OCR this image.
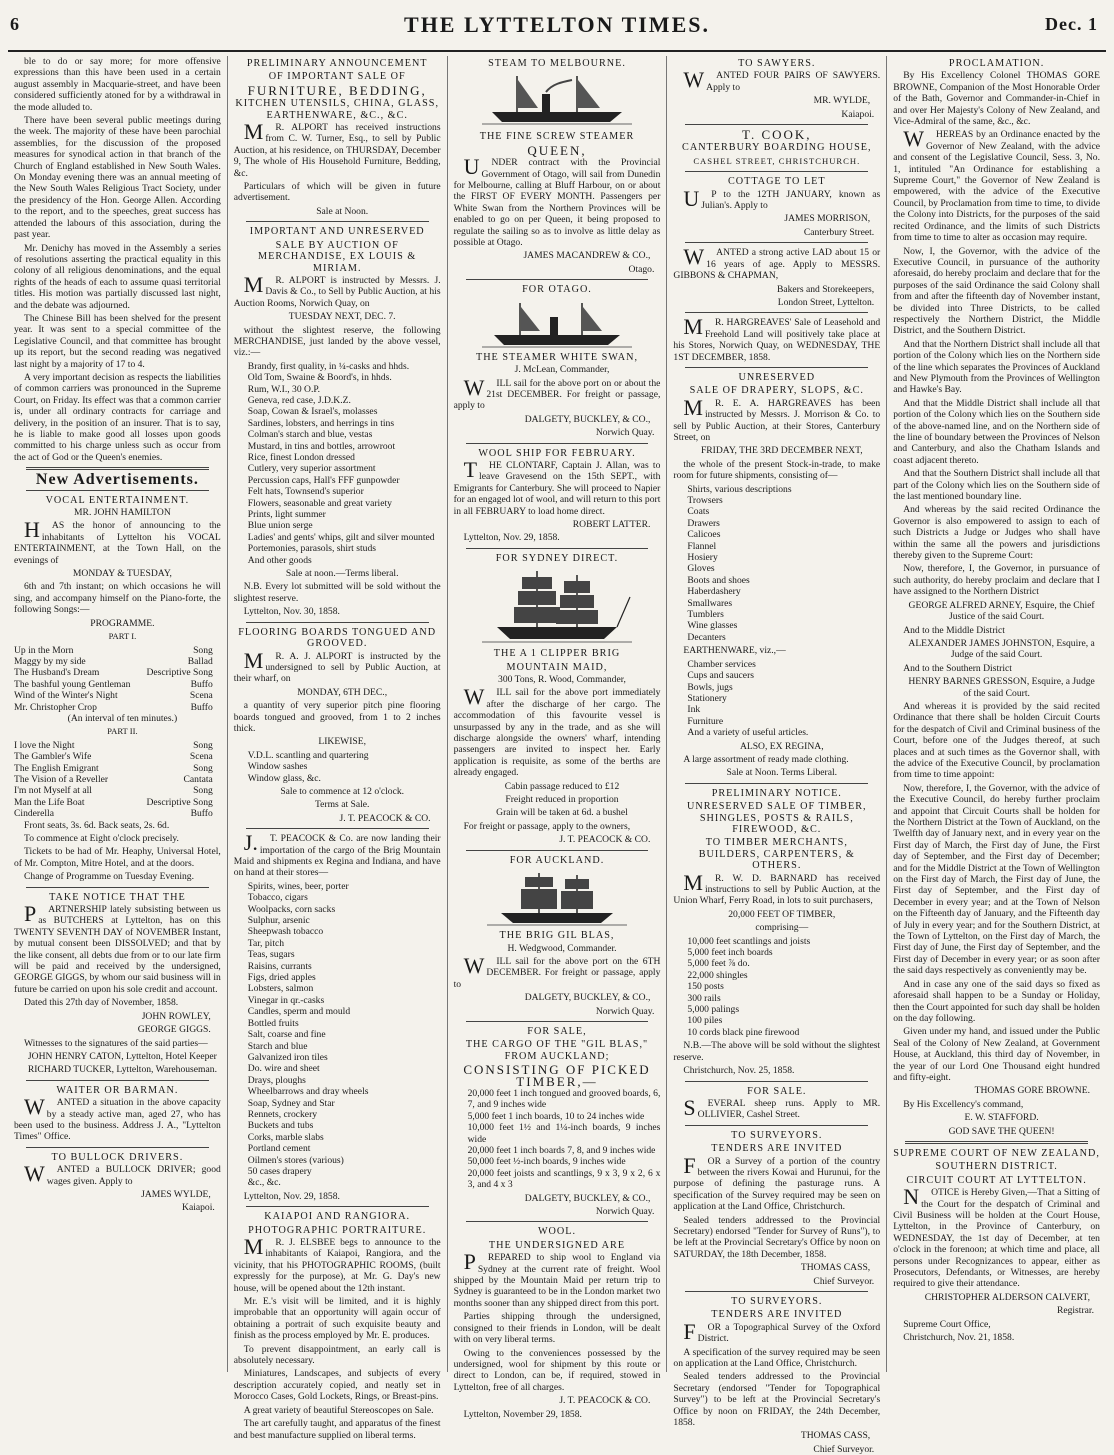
6	THE LYTTELTON TIMES.	Dec. 1

ble to do or say more; for more offensive expressions than this have been used in a certain august assembly in Macquarie-street, and have been considered sufficiently atoned for by a withdrawal in the mode alluded to.

There have been several public meetings during the week. The majority of these have been parochial assemblies, for the discussion of the proposed measures for synodical action in that branch of the Church of England established in New South Wales. On Monday evening there was an annual meeting of the New South Wales Religious Tract Society, under the presidency of the Hon. George Allen. According to the report, and to the speeches, great success has attended the labours of this association, during the past year.

Mr. Denichy has moved in the Assembly a series of resolutions asserting the practical equality in this colony of all religious denominations, and the equal rights of the heads of each to assume quasi territorial titles. His motion was partially discussed last night, and the debate was adjourned.

The Chinese Bill has been shelved for the present year. It was sent to a special committee of the Legislative Council, and that committee has brought up its report, but the second reading was negatived last night by a majority of 17 to 4.

A very important decision as respects the liabilities of common carriers was pronounced in the Supreme Court, on Friday. Its effect was that a common carrier is, under all ordinary contracts for carriage and delivery, in the position of an insurer. That is to say, he is liable to make good all losses upon goods committed to his charge unless such as occur from the act of God or the Queen's enemies.

New Advertisements.
VOCAL ENTERTAINMENT.

MR. JOHN HAMILTON

HAS the honor of announcing to the inhabitants of Lyttelton his VOCAL ENTERTAINMENT, at the Town Hall, on the evenings of

MONDAY & TUESDAY,

6th and 7th instant; on which occasions he will sing, and accompany himself on the Piano-forte, the following Songs:—

PROGRAMME.

PART I.

Up in the Morn	Song
Maggy by my side	Ballad
The Husband's Dream	Descriptive Song
The bashful young Gentleman	Buffo
Wind of the Winter's Night	Scena
Mr. Christopher Crop	Buffo

(An interval of ten minutes.)

PART II.

I love the Night	Song
The Gambler's Wife	Scena
The English Emigrant	Song
The Vision of a Reveller	Cantata
I'm not Myself at all	Song
Man the Life Boat	Descriptive Song
Cinderella	Buffo

Front seats, 3s. 6d. Back seats, 2s. 6d.

To commence at Eight o'clock precisely.

Tickets to be had of Mr. Heaphy, Universal Hotel, of Mr. Compton, Mitre Hotel, and at the doors.

Change of Programme on Tuesday Evening.

TAKE NOTICE THAT THE

PARTNERSHIP lately subsisting between us as BUTCHERS at Lyttelton, has on this TWENTY SEVENTH DAY of NOVEMBER Instant, by mutual consent been DISSOLVED; and that by the like consent, all debts due from or to our late firm will be paid and received by the undersigned, GEORGE GIGGS, by whom our said business will in future be carried on upon his sole credit and account.

Dated this 27th day of November, 1858.

JOHN ROWLEY,

GEORGE GIGGS.

Witnesses to the signatures of the said parties—

JOHN HENRY CATON, Lyttelton, Hotel Keeper

RICHARD TUCKER, Lyttelton, Warehouseman.

WAITER OR BARMAN.

WANTED a situation in the above capacity by a steady active man, aged 27, who has been used to the business. Address J. A., "Lyttelton Times" Office.

TO BULLOCK DRIVERS.

WANTED a BULLOCK DRIVER; good wages given. Apply to

JAMES WYLDE,

Kaiapoi.

PRELIMINARY ANNOUNCEMENT
OF IMPORTANT SALE OF
FURNITURE, BEDDING,
KITCHEN UTENSILS, CHINA, GLASS, EARTHENWARE, &C., &C.

MR. ALPORT has received instructions from C. W. Turner, Esq., to sell by Public Auction, at his residence, on THURSDAY, December 9, The whole of His Household Furniture, Bedding, &c.

Particulars of which will be given in future advertisement.

Sale at Noon.

IMPORTANT AND UNRESERVED
SALE BY AUCTION OF MERCHANDISE, EX LOUIS & MIRIAM.

MR. ALPORT is instructed by Messrs. J. Davis & Co., to Sell by Public Auction, at his Auction Rooms, Norwich Quay, on

TUESDAY NEXT, DEC. 7.

without the slightest reserve, the following MERCHANDISE, just landed by the above vessel, viz.:—

Brandy, first quality, in ¼-casks and hhds.
Old Tom, Swaine & Boord's, in hhds.
Rum, W.I., 30 O.P.
Geneva, red case, J.D.K.Z.
Soap, Cowan & Israel's, molasses
Sardines, lobsters, and herrings in tins
Colman's starch and blue, vestas
Mustard, in tins and bottles, arrowroot
Rice, finest London dressed
Cutlery, very superior assortment
Percussion caps, Hall's FFF gunpowder
Felt hats, Townsend's superior
Flowers, seasonable and great variety
Prints, light summer
Blue union serge
Ladies' and gents' whips, gilt and silver mounted
Portemonies, parasols, shirt studs
And other goods

Sale at noon.—Terms liberal.

N.B. Every lot submitted will be sold without the slightest reserve.

Lyttelton, Nov. 30, 1858.

FLOORING BOARDS TONGUED AND GROOVED.

MR. A. J. ALPORT is instructed by the undersigned to sell by Public Auction, at their wharf, on

MONDAY, 6TH DEC.,

a quantity of very superior pitch pine flooring boards tongued and grooved, from 1 to 2 inches thick.

LIKEWISE,

V.D.L. scantling and quartering
Window sashes
Window glass, &c.

Sale to commence at 12 o'clock.

Terms at Sale.

J. T. PEACOCK & CO.

J.T. PEACOCK & Co. are now landing their importation of the cargo of the Brig Mountain Maid and shipments ex Regina and Indiana, and have on hand at their stores—

Spirits, wines, beer, porter
Tobacco, cigars
Woolpacks, corn sacks
Sulphur, arsenic
Sheepwash tobacco
Tar, pitch
Teas, sugars
Raisins, currants
Figs, dried apples
Lobsters, salmon
Vinegar in qr.-casks
Candles, sperm and mould
Bottled fruits
Salt, coarse and fine
Starch and blue
Galvanized iron tiles
Do. wire and sheet
Drays, ploughs
Wheelbarrows and dray wheels
Soap, Sydney and Star
Rennets, crockery
Buckets and tubs
Corks, marble slabs
Portland cement
Oilmen's stores (various)
50 cases drapery
&c., &c.

Lyttelton, Nov. 29, 1858.

KAIAPOI AND RANGIORA.
PHOTOGRAPHIC PORTRAITURE.

MR. J. ELSBEE begs to announce to the inhabitants of Kaiapoi, Rangiora, and the vicinity, that his PHOTOGRAPHIC ROOMS, (built expressly for the purpose), at Mr. G. Day's new house, will be opened about the 12th instant.

Mr. E.'s visit will be limited, and it is highly improbable that an opportunity will again occur of obtaining a portrait of such exquisite beauty and finish as the process employed by Mr. E. produces.

To prevent disappointment, an early call is absolutely necessary.

Miniatures, Landscapes, and subjects of every description accurately copied, and neatly set in Morocco Cases, Gold Lockets, Rings, or Breast-pins.

A great variety of beautiful Stereoscopes on Sale.

The art carefully taught, and apparatus of the finest and best manufacture supplied on liberal terms.

STEAM TO MELBOURNE.
THE FINE SCREW STEAMER
QUEEN,

UNDER contract with the Provincial Government of Otago, will sail from Dunedin for Melbourne, calling at Bluff Harbour, on or about the FIRST OF EVERY MONTH. Passengers per White Swan from the Northern Provinces will be enabled to go on per Queen, it being proposed to regulate the sailing so as to involve as little delay as possible at Otago.

JAMES MACANDREW & CO.,

Otago.

FOR OTAGO.
THE STEAMER WHITE SWAN,

J. McLean, Commander,

WILL sail for the above port on or about the 21st DECEMBER. For freight or passage, apply to

DALGETY, BUCKLEY, & CO.,

Norwich Quay.

WOOL SHIP FOR FEBRUARY.

THE CLONTARF, Captain J. Allan, was to leave Gravesend on the 15th SEPT., with Emigrants for Canterbury. She will proceed to Napier for an engaged lot of wool, and will return to this port in all FEBRUARY to load home direct.

ROBERT LATTER.

Lyttelton, Nov. 29, 1858.

FOR SYDNEY DIRECT.
THE A 1 CLIPPER BRIG
MOUNTAIN MAID,

300 Tons, R. Wood, Commander,

WILL sail for the above port immediately after the discharge of her cargo. The accommodation of this favourite vessel is unsurpassed by any in the trade, and as she will discharge alongside the owners' wharf, intending passengers are invited to inspect her. Early application is requisite, as some of the berths are already engaged.

Cabin passage reduced to £12

Freight reduced in proportion

Grain will be taken at 6d. a bushel

For freight or passage, apply to the owners,

J. T. PEACOCK & CO.

FOR AUCKLAND.
THE BRIG GIL BLAS,

H. Wedgwood, Commander.

WILL sail for the above port on the 6TH DECEMBER. For freight or passage, apply to

DALGETY, BUCKLEY, & CO.,

Norwich Quay.

FOR SALE,
THE CARGO OF THE "GIL BLAS," FROM AUCKLAND;
CONSISTING OF PICKED TIMBER,—
20,000 feet 1 inch tongued and grooved boards, 6, 7, and 9 inches wide
5,000 feet 1 inch boards, 10 to 24 inches wide
10,000 feet 1½ and 1¼-inch boards, 9 inches wide
20,000 feet 1 inch boards 7, 8, and 9 inches wide
50,000 feet ½-inch boards, 9 inches wide
20,000 feet joists and scantlings, 9 x 3, 9 x 2, 6 x 3, and 4 x 3

DALGETY, BUCKLEY, & CO.,

Norwich Quay.

WOOL.
THE UNDERSIGNED ARE

PREPARED to ship wool to England via Sydney at the current rate of freight. Wool shipped by the Mountain Maid per return trip to Sydney is guaranteed to be in the London market two months sooner than any shipped direct from this port.

Parties shipping through the undersigned, consigned to their friends in London, will be dealt with on very liberal terms.

Owing to the conveniences possessed by the undersigned, wool for shipment by this route or direct to London, can be, if required, stowed in Lyttelton, free of all charges.

J. T. PEACOCK & CO.

Lyttelton, November 29, 1858.

TO SAWYERS.

WANTED FOUR PAIRS OF SAWYERS. Apply to

MR. WYLDE,

Kaiapoi.

T. COOK,
CANTERBURY BOARDING HOUSE,
CASHEL STREET, CHRISTCHURCH.
COTTAGE TO LET

UP to the 12TH JANUARY, known as Julian's. Apply to

JAMES MORRISON,

Canterbury Street.

WANTED a strong active LAD about 15 or 16 years of age. Apply to MESSRS. GIBBONS & CHAPMAN,

Bakers and Storekeepers,

London Street, Lyttelton.

MR. HARGREAVES' Sale of Leasehold and Freehold Land will positively take place at his Stores, Norwich Quay, on WEDNESDAY, THE 1ST DECEMBER, 1858.

UNRESERVED
SALE OF DRAPERY, SLOPS, &C.

MR. E. A. HARGREAVES has been instructed by Messrs. J. Morrison & Co. to sell by Public Auction, at their Stores, Canterbury Street, on

FRIDAY, THE 3RD DECEMBER NEXT,

the whole of the present Stock-in-trade, to make room for future shipments, consisting of—

Shirts, various descriptions
Trowsers
Coats
Drawers
Calicoes
Flannel
Hosiery
Gloves
Boots and shoes
Haberdashery
Smallwares
Tumblers
Wine glasses
Decanters

EARTHENWARE, viz.,—

Chamber services
Cups and saucers
Bowls, jugs
Stationery
Ink
Furniture
And a variety of useful articles.

ALSO, EX REGINA,

A large assortment of ready made clothing.

Sale at Noon. Terms Liberal.

PRELIMINARY NOTICE.
UNRESERVED SALE OF TIMBER, SHINGLES, POSTS & RAILS, FIREWOOD, &C.
TO TIMBER MERCHANTS, BUILDERS, CARPENTERS, & OTHERS.

MR. W. D. BARNARD has received instructions to sell by Public Auction, at the Union Wharf, Ferry Road, in lots to suit purchasers,

20,000 FEET OF TIMBER,

comprising—

10,000 feet scantlings and joists
5,000 feet inch boards
5,000 feet ⅞ do.
22,000 shingles
150 posts
300 rails
5,000 palings
100 piles
10 cords black pine firewood

N.B.—The above will be sold without the slightest reserve.

Christchurch, Nov. 25, 1858.

FOR SALE.

SEVERAL sheep runs. Apply to MR. OLLIVIER, Cashel Street.

TO SURVEYORS.
TENDERS ARE INVITED

FOR a Survey of a portion of the country between the rivers Kowai and Hurunui, for the purpose of defining the pasturage runs. A specification of the Survey required may be seen on application at the Land Office, Christchurch.

Sealed tenders addressed to the Provincial Secretary) endorsed "Tender for Survey of Runs"), to be left at the Provincial Secretary's Office by noon on SATURDAY, the 18th December, 1858.

THOMAS CASS,

Chief Surveyor.

TO SURVEYORS.
TENDERS ARE INVITED

FOR a Topographical Survey of the Oxford District.

A specification of the survey required may be seen on application at the Land Office, Christchurch.

Sealed tenders addressed to the Provincial Secretary (endorsed "Tender for Topographical Survey") to be left at the Provincial Secretary's Office by noon on FRIDAY, the 24th December, 1858.

THOMAS CASS,

Chief Surveyor.

PROCLAMATION.

By His Excellency Colonel THOMAS GORE BROWNE, Companion of the Most Honorable Order of the Bath, Governor and Commander-in-Chief in and over Her Majesty's Colony of New Zealand, and Vice-Admiral of the same, &c., &c.

WHEREAS by an Ordinance enacted by the Governor of New Zealand, with the advice and consent of the Legislative Council, Sess. 3, No. 1, intituled "An Ordinance for establishing a Supreme Court," the Governor of New Zealand is empowered, with the advice of the Executive Council, by Proclamation from time to time, to divide the Colony into Districts, for the purposes of the said recited Ordinance, and the limits of such Districts from time to time to alter as occasion may require.

Now, I, the Governor, with the advice of the Executive Council, in pursuance of the authority aforesaid, do hereby proclaim and declare that for the purposes of the said Ordinance the said Colony shall from and after the fifteenth day of November instant, be divided into Three Districts, to be called respectively the Northern District, the Middle District, and the Southern District.

And that the Northern District shall include all that portion of the Colony which lies on the Northern side of the line which separates the Provinces of Auckland and New Plymouth from the Provinces of Wellington and Hawke's Bay.

And that the Middle District shall include all that portion of the Colony which lies on the Southern side of the above-named line, and on the Northern side of the line of boundary between the Provinces of Nelson and Canterbury, and also the Chatham Islands and coast adjacent thereto.

And that the Southern District shall include all that part of the Colony which lies on the Southern side of the last mentioned boundary line.

And whereas by the said recited Ordinance the Governor is also empowered to assign to each of such Districts a Judge or Judges who shall have within the same all the powers and jurisdictions thereby given to the Supreme Court:

Now, therefore, I, the Governor, in pursuance of such authority, do hereby proclaim and declare that I have assigned to the Northern District

GEORGE ALFRED ARNEY, Esquire, the Chief Justice of the said Court.

And to the Middle District

ALEXANDER JAMES JOHNSTON, Esquire, a Judge of the said Court.

And to the Southern District

HENRY BARNES GRESSON, Esquire, a Judge of the said Court.

And whereas it is provided by the said recited Ordinance that there shall be holden Circuit Courts for the despatch of Civil and Criminal business of the Court, before one of the Judges thereof, at such places and at such times as the Governor shall, with the advice of the Executive Council, by proclamation from time to time appoint:

Now, therefore, I, the Governor, with the advice of the Executive Council, do hereby further proclaim and appoint that Circuit Courts shall be holden for the Northern District at the Town of Auckland, on the Twelfth day of January next, and in every year on the First day of March, the First day of June, the First day of September, and the First day of December; and for the Middle District at the Town of Wellington on the First day of March, the First day of June, the First day of September, and the First day of December in every year; and at the Town of Nelson on the Fifteenth day of January, and the Fifteenth day of July in every year; and for the Southern District, at the Town of Lyttelton, on the First day of March, the First day of June, the First day of September, and the First day of December in every year; or as soon after the said days respectively as conveniently may be.

And in case any one of the said days so fixed as aforesaid shall happen to be a Sunday or Holiday, then the Court appointed for such day shall be holden on the day following.

Given under my hand, and issued under the Public Seal of the Colony of New Zealand, at Government House, at Auckland, this third day of November, in the year of our Lord One Thousand eight hundred and fifty-eight.

THOMAS GORE BROWNE.

By His Excellency's command,

E. W. STAFFORD.

GOD SAVE THE QUEEN!

SUPREME COURT OF NEW ZEALAND,
SOUTHERN DISTRICT.
CIRCUIT COURT AT LYTTELTON.

NOTICE is Hereby Given,—That a Sitting of the Court for the despatch of Criminal and Civil Business will be holden at the Court House, Lyttelton, in the Province of Canterbury, on WEDNESDAY, the 1st day of December, at ten o'clock in the forenoon; at which time and place, all persons under Recognizances to appear, either as Prosecutors, Defendants, or Witnesses, are hereby required to give their attendance.

CHRISTOPHER ALDERSON CALVERT,

Registrar.

Supreme Court Office,

Christchurch, Nov. 21, 1858.
